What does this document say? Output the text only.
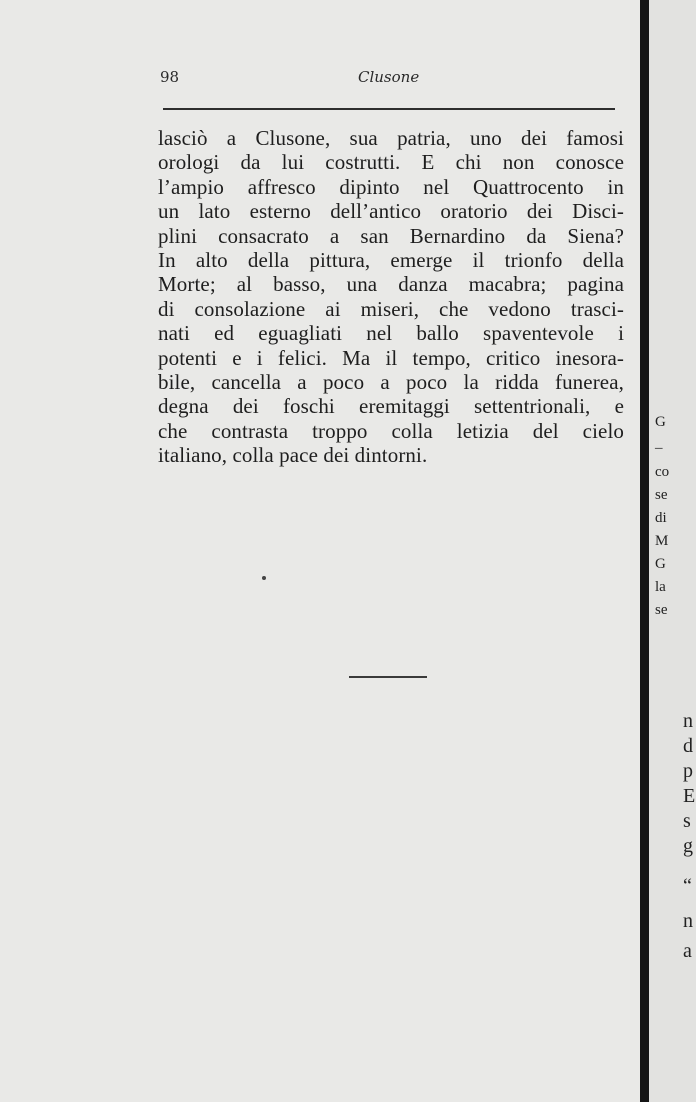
98	Clusone
lasciò a Clusone, sua patria, uno dei famosi
orologi da lui costrutti. E chi non conosce
l’ampio affresco dipinto nel Quattrocento in
un lato esterno dell’antico oratorio dei Disci-
plini consacrato a san Bernardino da Siena?
In alto della pittura, emerge il trionfo della
Morte; al basso, una danza macabra; pagina
di consolazione ai miseri, che vedono trasci-
nati ed eguagliati nel ballo spaventevole i
potenti e i felici. Ma il tempo, critico inesora-
bile, cancella a poco a poco la ridda funerea,
degna dei foschi eremitaggi settentrionali, e
che contrasta troppo colla letizia del cielo
italiano, colla pace dei dintorni.
G
–
co
se
di
M
G
la
se
n
d
p
E
s
g
“
n
a
